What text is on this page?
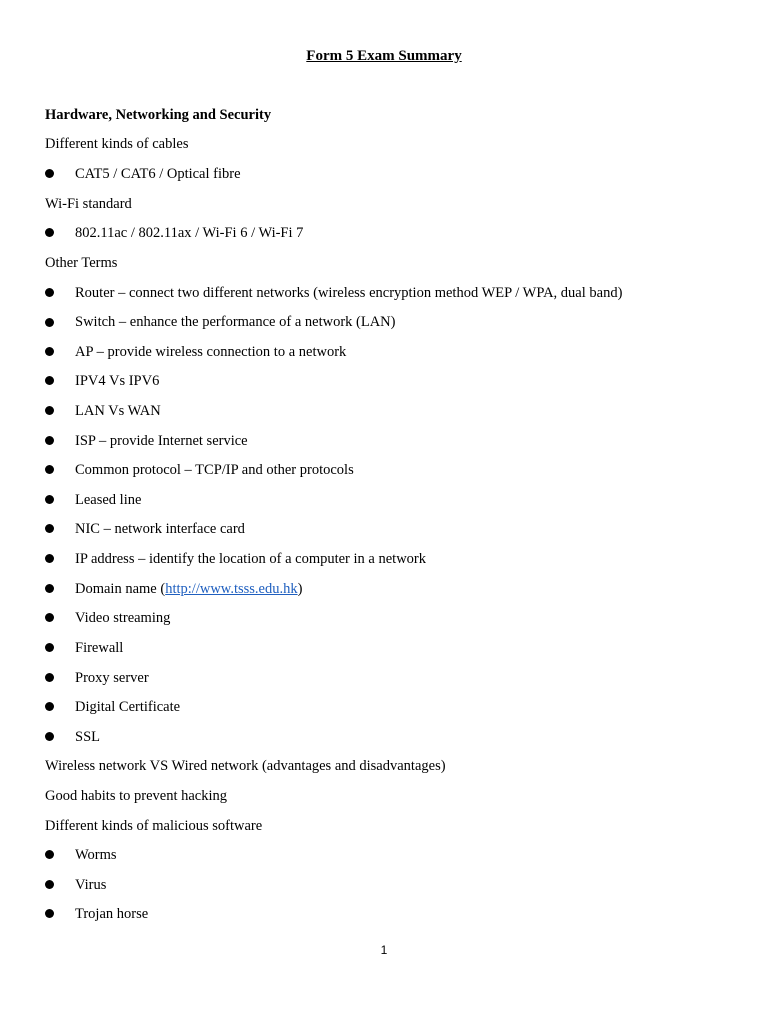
Form 5 Exam Summary
Hardware, Networking and Security
Different kinds of cables
CAT5 / CAT6 / Optical fibre
Wi-Fi standard
802.11ac / 802.11ax / Wi-Fi 6 / Wi-Fi 7
Other Terms
Router – connect two different networks (wireless encryption method WEP / WPA, dual band)
Switch – enhance the performance of a network (LAN)
AP – provide wireless connection to a network
IPV4 Vs IPV6
LAN Vs WAN
ISP – provide Internet service
Common protocol – TCP/IP and other protocols
Leased line
NIC – network interface card
IP address – identify the location of a computer in a network
Domain name (http://www.tsss.edu.hk)
Video streaming
Firewall
Proxy server
Digital Certificate
SSL
Wireless network VS Wired network (advantages and disadvantages)
Good habits to prevent hacking
Different kinds of malicious software
Worms
Virus
Trojan horse
1
